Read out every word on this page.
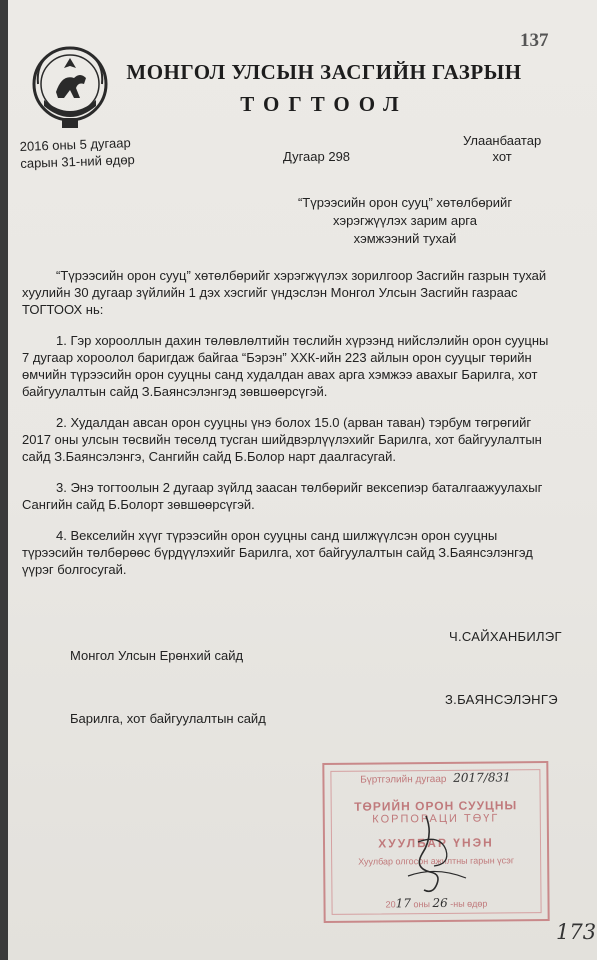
137
МОНГОЛ УЛСЫН ЗАСГИЙН ГАЗРЫН
ТОГТООЛ
2016 оны 5 дугаар
сарын 31-ний өдөр	Дугаар 298
Улаанбаатар
хот
“Түрээсийн орон сууц” хөтөлбөрийг
хэрэгжүүлэх зарим арга
хэмжээний тухай

“Түрээсийн орон сууц” хөтөлбөрийг хэрэгжүүлэх зорилгоор Засгийн газрын тухай хуулийн 30 дугаар зүйлийн 1 дэх хэсгийг үндэслэн Монгол Улсын Засгийн газраас ТОГТООХ нь:

1. Гэр хорооллын дахин төлөвлөлтийн төслийн хүрээнд нийслэлийн орон сууцны 7 дугаар хороолол баригдаж байгаа “Бэрэн” ХХК-ийн 223 айлын орон сууцыг төрийн өмчийн түрээсийн орон сууцны санд худалдан авах арга хэмжээ авахыг Барилга, хот байгуулалтын сайд З.Баянсэлэнгэд зөвшөөрсүгэй.

2. Худалдан авсан орон сууцны үнэ болох 15.0 (арван таван) тэрбум төгрөгийг 2017 оны улсын төсвийн төсөлд тусган шийдвэрлүүлэхийг Барилга, хот байгуулалтын сайд З.Баянсэлэнгэ, Сангийн сайд Б.Болор нарт даалгасугай.

3. Энэ тогтоолын 2 дугаар зүйлд заасан төлбөрийг вексепиэр баталгаажуулахыг Сангийн сайд Б.Болорт зөвшөөрсүгэй.

4. Векселийн хүүг түрээсийн орон сууцны санд шилжүүлсэн орон сууцны түрээсийн төлбөрөөс бүрдүүлэхийг Барилга, хот байгуулалтын сайд З.Баянсэлэнгэд үүрэг болгосугай.

Ч.САЙХАНБИЛЭГ
Монгол Улсын Ерөнхий сайд
З.БАЯНСЭЛЭНГЭ
Барилга, хот байгуулалтын сайд
Бүртгэлийн дугаар 2017/831
ТӨРИЙН ОРОН СУУЦНЫ
КОРПОРАЦИ ТӨҮГ
ХУУЛБАР ҮНЭН
Хуулбар олгосон ажилтны гарын үсэг
2017 оны 26 -ны өдөр
173
